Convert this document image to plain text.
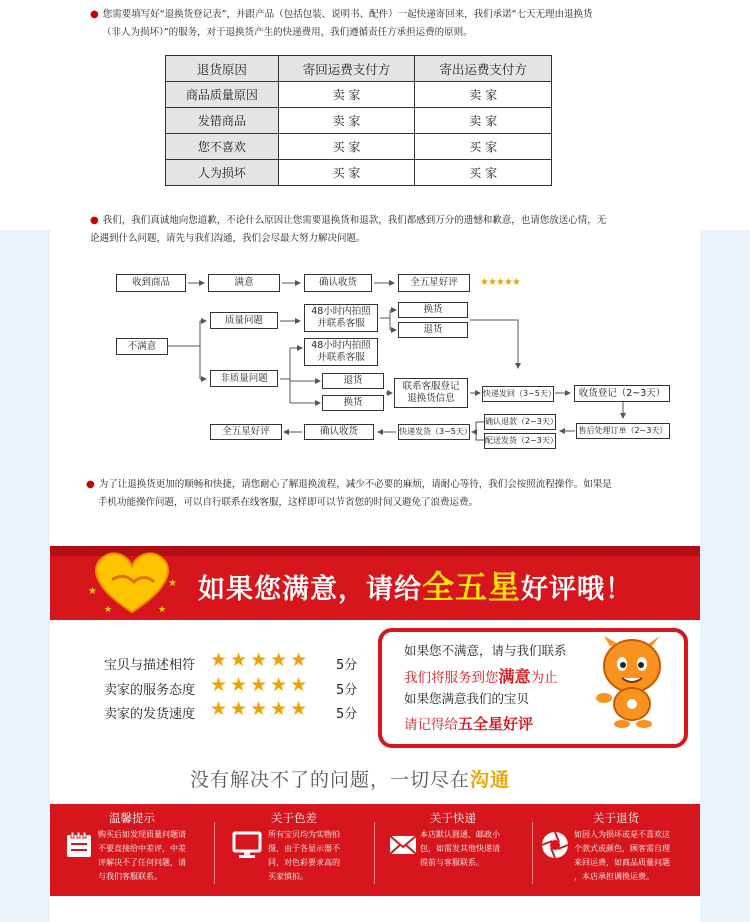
● 您需要填写好“退换货登记表”，并跟产品（包括包装、说明书、配件）一起快递寄回来，我们承诺“七天无理由退换货
（非人为损坏）”的服务，对于退换货产生的快递费用，我们遵循责任方承担运费的原则。
退货原因	寄回运费支付方	寄出运费支付方
商品质量原因	卖 家	卖 家
发错商品	卖 家	卖 家
您不喜欢	买 家	买 家
人为损坏	买 家	买 家
● 我们，我们真诚地向您道歉，不论什么原因让您需要退换货和退款，我们都感到万分的遗憾和歉意，也请您放送心情，无
论遇到什么问题，请先与我们沟通，我们会尽最大努力解决问题。
收到商品	满意	确认收货	全五星好评	★★★★★
不满意
质量问题
非质量问题
48小时内拍照
并联系客服
48小时内拍照
并联系客服
换货
退货
退货
换货
联系客服登记
退换货信息	快递发回（3~5天）	收货登记（2~3天）
售后处理订单（2~3天）
确认退款（2~3天）
配送发货（2~3天）
快递发货（3~5天）
确认收货
全五星好评
● 为了让退换货更加的顺畅和快捷，请您耐心了解退换流程，减少不必要的麻烦，请耐心等待，我们会按照流程操作。如果是
手机功能操作问题，可以自行联系在线客服，这样即可以节省您的时间又避免了浪费运费。
★
★
★	★
如果您满意，请给全五星好评哦！
宝贝与描述相符 ★★★★★ 5分
卖家的服务态度 ★★★★★ 5分
卖家的发货速度 ★★★★★ 5分
如果您不满意，请与我们联系
我们将服务到您满意为止
如果您满意我们的宝贝
请记得给五全星好评
没有解决不了的问题，一切尽在沟通
温馨提示
购买后如发现质量问题请
不要直接给中差评，中差
评解决不了任何问题，请
与我们客服联系。
关于色差
所有宝贝均为实物拍
摄，由于各显示器不
同，对色彩要求高的
买家慎拍。
关于快递
本店默认圆通、邮政小
包，如需发其他快递请
提前与客服联系。
关于退货
如因人为损坏或是不喜欢这
个款式或颜色，顾客需自理
来回运费，如商品质量问题
，本店承担调换运费。
